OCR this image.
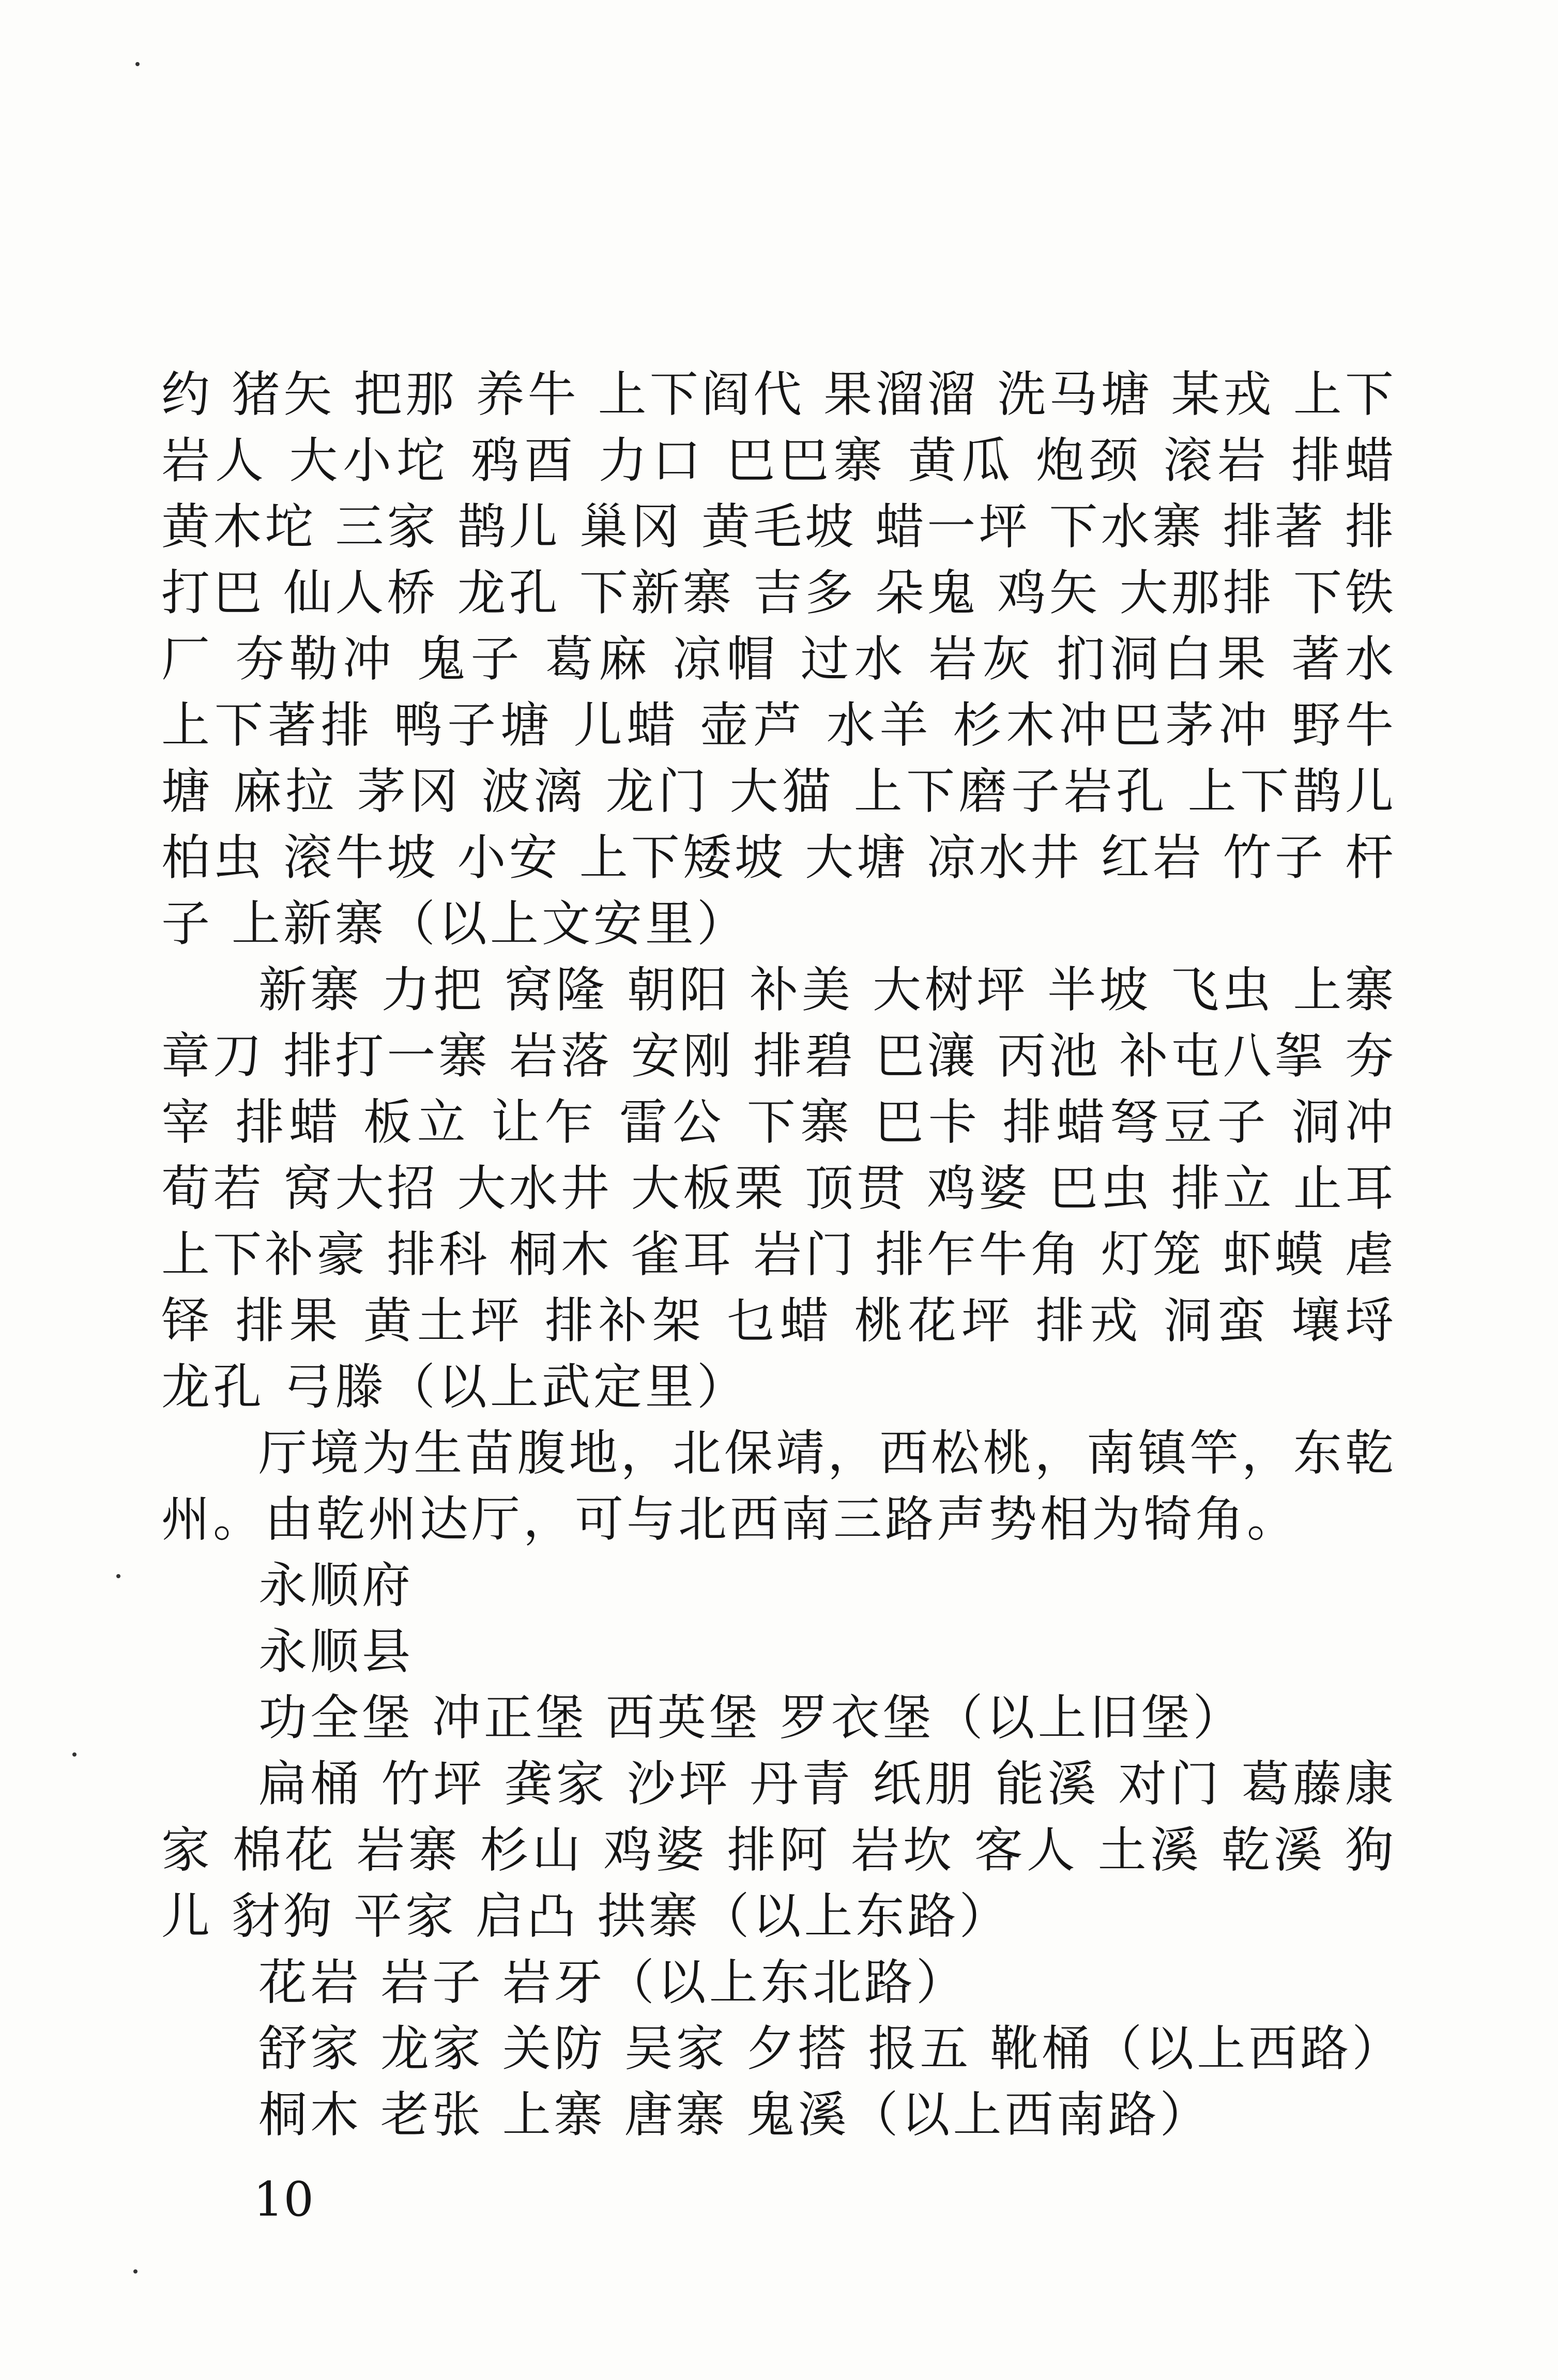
约 猪矢 把那 养牛 上下阎代 果溜溜 洗马塘 某戎 上下岩人 大小坨 鸦酉 力口 巴巴寨 黄瓜 炮颈 滚岩 排蜡 黄木坨 三家 鹊儿 巢冈 黄毛坡 蜡一坪 下水寨 排著 排打巴 仙人桥 龙孔 下新寨 吉多 朵鬼 鸡矢 大那排 下铁厂 夯勒冲 鬼子 葛麻 凉帽 过水 岩灰 扪洞白果 著水 上下著排 鸭子塘 儿蜡 壶芦 水羊 杉木冲巴茅冲 野牛塘 麻拉 茅冈 波漓 龙门 大猫 上下磨子岩孔 上下鹊儿 柏虫 滚牛坡 小安 上下矮坡 大塘 凉水井 红岩 竹子 杆子 上新寨（以上文安里）

新寨 力把 窝隆 朝阳 补美 大树坪 半坡 飞虫 上寨 章刀 排打一寨 岩落 安刚 排碧 巴瀼 丙池 补屯八挐 夯宰 排蜡 板立 让乍 雷公 下寨 巴卡 排蜡弩豆子 洞冲 荀若 窝大招 大水井 大板栗 顶贯 鸡婆 巴虫 排立 止耳 上下补豪 排科 桐木 雀耳 岩门 排乍牛角 灯笼 虾蟆 虐铎 排果 黄土坪 排补架 乜蜡 桃花坪 排戎 洞蛮 壤埒 龙孔 弓滕（以上武定里）

厅境为生苗腹地，北保靖，西松桃，南镇竿，东乾州。由乾州达厅，可与北西南三路声势相为犄角。

永顺府

永顺县

功全堡 冲正堡 西英堡 罗衣堡（以上旧堡）

扁桶 竹坪 龚家 沙坪 丹青 纸朋 能溪 对门 葛藤康家 棉花 岩寨 杉山 鸡婆 排阿 岩坎 客人 土溪 乾溪 狗儿 豺狗 平家 启凸 拱寨（以上东路）

花岩 岩子 岩牙（以上东北路）

舒家 龙家 关防 吴家 夕搭 报五 靴桶（以上西路）

桐木 老张 上寨 唐寨 鬼溪（以上西南路）

10
